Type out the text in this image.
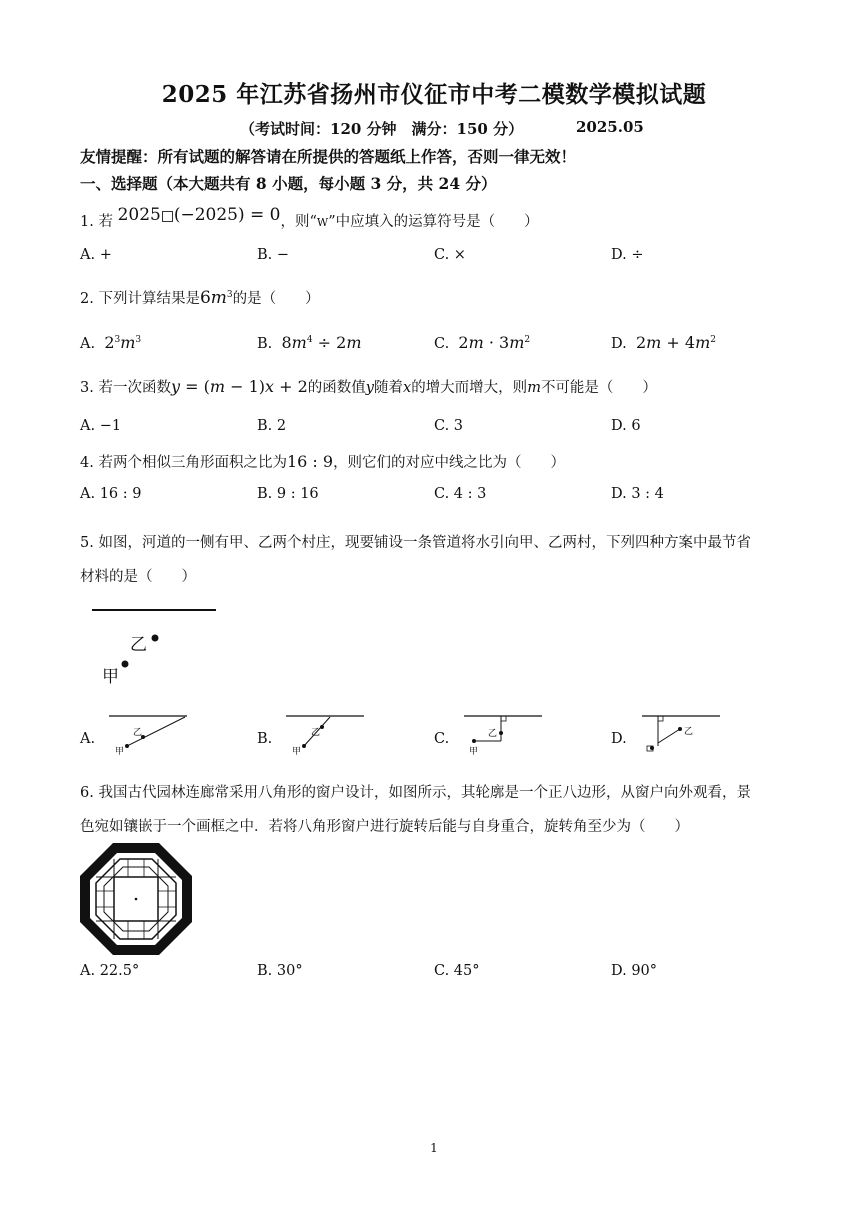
2025 年江苏省扬州市仪征市中考二模数学模拟试题
（考试时间：120 分钟　满分：150 分）	2025.05
友情提醒：所有试题的解答请在所提供的答题纸上作答，否则一律无效！
一、选择题（本大题共有 8 小题，每小题 3 分，共 24 分）
1. 若 2025 (−2025) = 0，则“W”中应填入的运算符号是（　　）
A. +	B. −	C. ×	D. ÷
2. 下列计算结果是$6m^3$的是（　　）
A. $2^3m^3$	B. $8m^4 \div 2m$	C. $2m \cdot 3m^2$	D. $2m + 4m^2$
3. 若一次函数y = (m − 1)x + 2的函数值y随着x的增大而增大，则m不可能是（　　）
A. −1	B. 2	C. 3	D. 6
4. 若两个相似三角形面积之比为16 : 9，则它们的对应中线之比为（　　）
A. 16 : 9	B. 9 : 16	C. 4 : 3	D. 3 : 4
5. 如图，河道的一侧有甲、乙两个村庄，现要铺设一条管道将水引向甲、乙两村，下列四种方案中最节省
材料的是（　　）
乙
甲
A.	乙
甲
B.	乙
甲
C.	乙
甲
D.	乙
6. 我国古代园林连廊常采用八角形的窗户设计，如图所示，其轮廓是一个正八边形，从窗户向外观看，景
色宛如镶嵌于一个画框之中．若将八角形窗户进行旋转后能与自身重合，旋转角至少为（　　）
A. 22.5°	B. 30°	C. 45°	D. 90°
1
